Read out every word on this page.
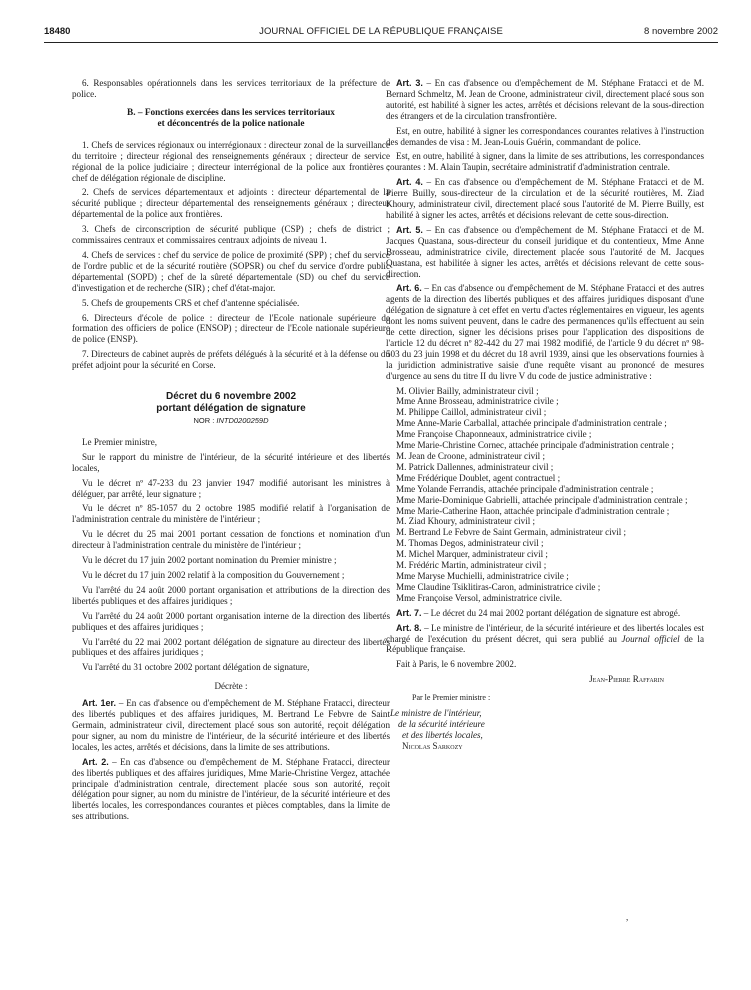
18480	JOURNAL OFFICIEL DE LA RÉPUBLIQUE FRANÇAISE	8 novembre 2002

6. Responsables opérationnels dans les services territoriaux de la préfecture de police.

B. – Fonctions exercées dans les services territoriaux
et déconcentrés de la police nationale

1. Chefs de services régionaux ou interrégionaux : directeur zonal de la surveillance du territoire ; directeur régional des renseignements généraux ; directeur de service régional de la police judiciaire ; directeur interrégional de la police aux frontières ; chef de délégation régionale de discipline.

2. Chefs de services départementaux et adjoints : directeur départemental de la sécurité publique ; directeur départemental des renseignements généraux ; directeur départemental de la police aux frontières.

3. Chefs de circonscription de sécurité publique (CSP) ; chefs de district ; commissaires centraux et commissaires centraux adjoints de niveau 1.

4. Chefs de services : chef du service de police de proximité (SPP) ; chef du service de l'ordre public et de la sécurité routière (SOPSR) ou chef du service d'ordre public départemental (SOPD) ; chef de la sûreté départementale (SD) ou chef du service d'investigation et de recherche (SIR) ; chef d'état-major.

5. Chefs de groupements CRS et chef d'antenne spécialisée.

6. Directeurs d'école de police : directeur de l'Ecole nationale supérieure de formation des officiers de police (ENSOP) ; directeur de l'Ecole nationale supérieure de police (ENSP).

7. Directeurs de cabinet auprès de préfets délégués à la sécurité et à la défense ou du préfet adjoint pour la sécurité en Corse.

Décret du 6 novembre 2002
portant délégation de signature
NOR : INTD0200259D

Le Premier ministre,

Sur le rapport du ministre de l'intérieur, de la sécurité intérieure et des libertés locales,

Vu le décret nº 47-233 du 23 janvier 1947 modifié autorisant les ministres à déléguer, par arrêté, leur signature ;

Vu le décret nº 85-1057 du 2 octobre 1985 modifié relatif à l'organisation de l'administration centrale du ministère de l'intérieur ;

Vu le décret du 25 mai 2001 portant cessation de fonctions et nomination d'un directeur à l'administration centrale du ministère de l'intérieur ;

Vu le décret du 17 juin 2002 portant nomination du Premier ministre ;

Vu le décret du 17 juin 2002 relatif à la composition du Gouvernement ;

Vu l'arrêté du 24 août 2000 portant organisation et attributions de la direction des libertés publiques et des affaires juridiques ;

Vu l'arrêté du 24 août 2000 portant organisation interne de la direction des libertés publiques et des affaires juridiques ;

Vu l'arrêté du 22 mai 2002 portant délégation de signature au directeur des libertés publiques et des affaires juridiques ;

Vu l'arrêté du 31 octobre 2002 portant délégation de signature,

Décrète :

Art. 1er. – En cas d'absence ou d'empêchement de M. Stéphane Fratacci, directeur des libertés publiques et des affaires juridiques, M. Bertrand Le Febvre de Saint Germain, administrateur civil, directement placé sous son autorité, reçoit délégation pour signer, au nom du ministre de l'intérieur, de la sécurité intérieure et des libertés locales, les actes, arrêtés et décisions, dans la limite de ses attributions.

Art. 2. – En cas d'absence ou d'empêchement de M. Stéphane Fratacci, directeur des libertés publiques et des affaires juridiques, Mme Marie-Christine Vergez, attachée principale d'administration centrale, directement placée sous son autorité, reçoit délégation pour signer, au nom du ministre de l'intérieur, de la sécurité intérieure et des libertés locales, les correspondances courantes et pièces comptables, dans la limite de ses attributions.

Art. 3. – En cas d'absence ou d'empêchement de M. Stéphane Fratacci et de M. Bernard Schmeltz, M. Jean de Croone, administrateur civil, directement placé sous son autorité, est habilité à signer les actes, arrêtés et décisions relevant de la sous-direction des étrangers et de la circulation transfrontière.

Est, en outre, habilité à signer les correspondances courantes relatives à l'instruction des demandes de visa : M. Jean-Louis Guérin, commandant de police.

Est, en outre, habilité à signer, dans la limite de ses attributions, les correspondances courantes : M. Alain Taupin, secrétaire administratif d'administration centrale.

Art. 4. – En cas d'absence ou d'empêchement de M. Stéphane Fratacci et de M. Pierre Builly, sous-directeur de la circulation et de la sécurité routières, M. Ziad Khoury, administrateur civil, directement placé sous l'autorité de M. Pierre Builly, est habilité à signer les actes, arrêtés et décisions relevant de cette sous-direction.

Art. 5. – En cas d'absence ou d'empêchement de M. Stéphane Fratacci et de M. Jacques Quastana, sous-directeur du conseil juridique et du contentieux, Mme Anne Brosseau, administratrice civile, directement placée sous l'autorité de M. Jacques Quastana, est habilitée à signer les actes, arrêtés et décisions relevant de cette sous-direction.

Art. 6. – En cas d'absence ou d'empêchement de M. Stéphane Fratacci et des autres agents de la direction des libertés publiques et des affaires juridiques disposant d'une délégation de signature à cet effet en vertu d'actes réglementaires en vigueur, les agents dont les noms suivent peuvent, dans le cadre des permanences qu'ils effectuent au sein de cette direction, signer les décisions prises pour l'application des dispositions de l'article 12 du décret nº 82-442 du 27 mai 1982 modifié, de l'article 9 du décret nº 98-503 du 23 juin 1998 et du décret du 18 avril 1939, ainsi que les observations fournies à la juridiction administrative saisie d'une requête visant au prononcé de mesures d'urgence au sens du titre II du livre V du code de justice administrative :

M. Olivier Bailly, administrateur civil ;

Mme Anne Brosseau, administratrice civile ;

M. Philippe Caillol, administrateur civil ;

Mme Anne-Marie Carballal, attachée principale d'administration centrale ;

Mme Françoise Chaponneaux, administratrice civile ;

Mme Marie-Christine Cornec, attachée principale d'administration centrale ;

M. Jean de Croone, administrateur civil ;

M. Patrick Dallennes, administrateur civil ;

Mme Frédérique Doublet, agent contractuel ;

Mme Yolande Ferrandis, attachée principale d'administration centrale ;

Mme Marie-Dominique Gabrielli, attachée principale d'administration centrale ;

Mme Marie-Catherine Haon, attachée principale d'administration centrale ;

M. Ziad Khoury, administrateur civil ;

M. Bertrand Le Febvre de Saint Germain, administrateur civil ;

M. Thomas Degos, administrateur civil ;

M. Michel Marquer, administrateur civil ;

M. Frédéric Martin, administrateur civil ;

Mme Maryse Muchielli, administratrice civile ;

Mme Claudine Tsiklitiras-Caron, administratrice civile ;

Mme Françoise Versol, administratrice civile.

Art. 7. – Le décret du 24 mai 2002 portant délégation de signature est abrogé.

Art. 8. – Le ministre de l'intérieur, de la sécurité intérieure et des libertés locales est chargé de l'exécution du présent décret, qui sera publié au Journal officiel de la République française.

Fait à Paris, le 6 novembre 2002.

Jean-Pierre Raffarin
Par le Premier ministre :
Le ministre de l'intérieur,
de la sécurité intérieure
et des libertés locales,
Nicolas Sarkozy
,
